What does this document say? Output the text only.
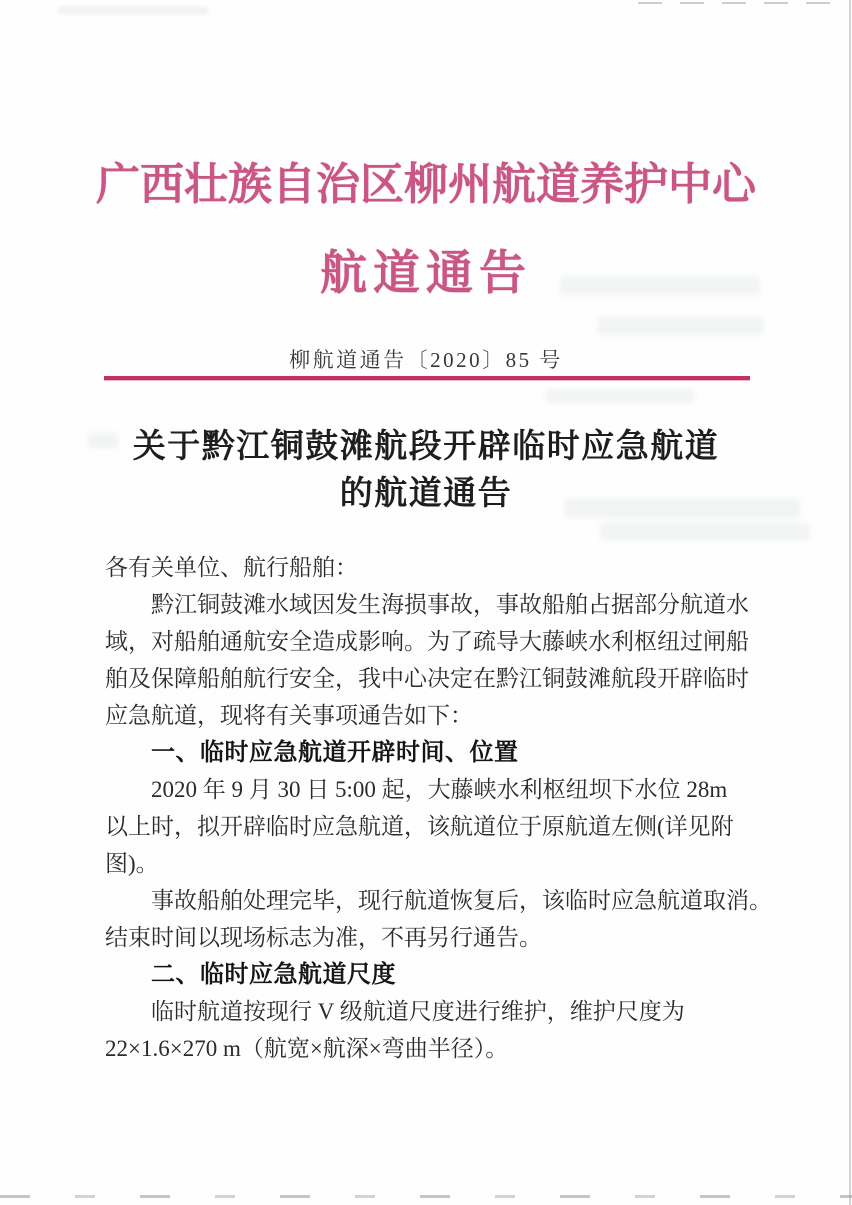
广西壮族自治区柳州航道养护中心
航道通告
柳航道通告〔2020〕85 号
关于黔江铜鼓滩航段开辟临时应急航道
的航道通告
各有关单位、航行船舶：
黔江铜鼓滩水域因发生海损事故，事故船舶占据部分航道水
域，对船舶通航安全造成影响。为了疏导大藤峡水利枢纽过闸船
舶及保障船舶航行安全，我中心决定在黔江铜鼓滩航段开辟临时
应急航道，现将有关事项通告如下：
一、临时应急航道开辟时间、位置
2020 年 9 月 30 日 5:00 起，大藤峡水利枢纽坝下水位 28m
以上时，拟开辟临时应急航道，该航道位于原航道左侧(详见附
图)。
事故船舶处理完毕，现行航道恢复后，该临时应急航道取消。
结束时间以现场标志为准，不再另行通告。
二、临时应急航道尺度
临时航道按现行 V 级航道尺度进行维护，维护尺度为
22×1.6×270 m（航宽×航深×弯曲半径）。
